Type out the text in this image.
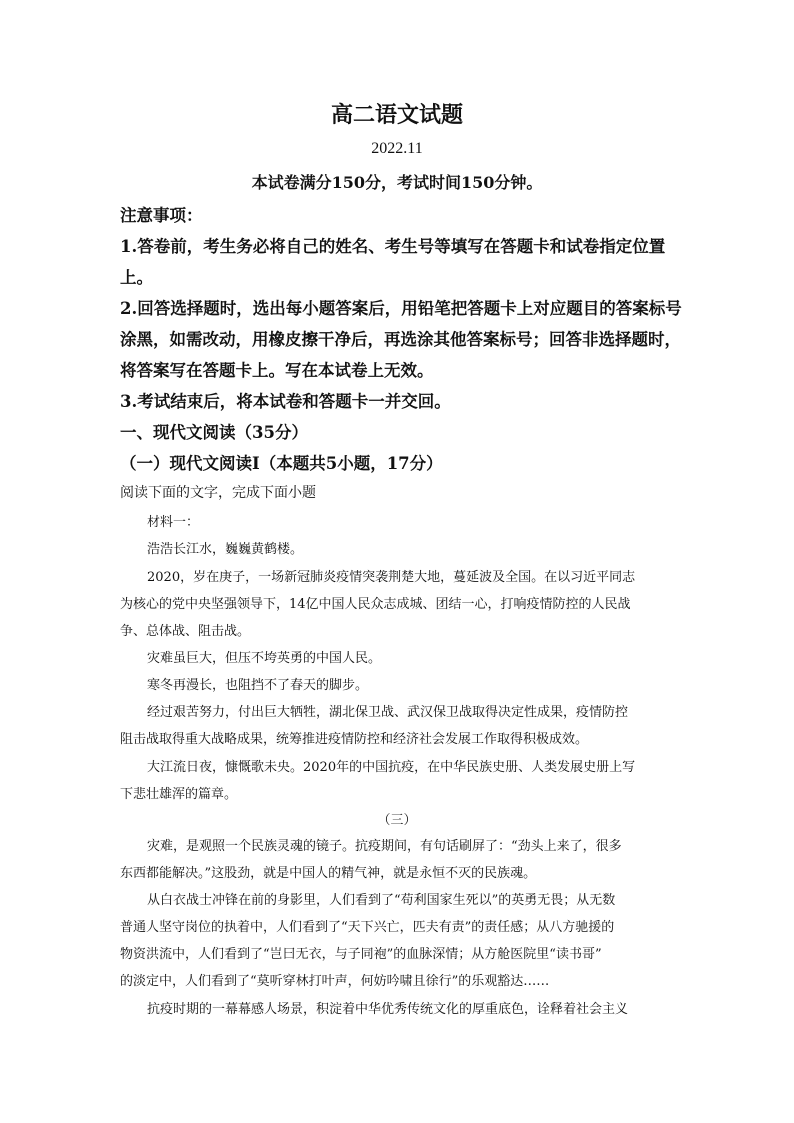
高二语文试题
2022.11
本试卷满分150分，考试时间150分钟。
注意事项：
1.答卷前，考生务必将自己的姓名、考生号等填写在答题卡和试卷指定位置
上。
2.回答选择题时，选出每小题答案后，用铅笔把答题卡上对应题目的答案标号
涂黑，如需改动，用橡皮擦干净后，再选涂其他答案标号；回答非选择题时，
将答案写在答题卡上。写在本试卷上无效。
3.考试结束后，将本试卷和答题卡一并交回。
一、现代文阅读（35分）
（一）现代文阅读Ⅰ（本题共5小题，17分）
阅读下面的文字，完成下面小题
材料一：
浩浩长江水，巍巍黄鹤楼。
2020，岁在庚子，一场新冠肺炎疫情突袭荆楚大地，蔓延波及全国。在以习近平同志
为核心的党中央坚强领导下，14亿中国人民众志成城、团结一心，打响疫情防控的人民战
争、总体战、阻击战。
灾难虽巨大，但压不垮英勇的中国人民。
寒冬再漫长，也阻挡不了春天的脚步。
经过艰苦努力，付出巨大牺牲，湖北保卫战、武汉保卫战取得决定性成果，疫情防控
阻击战取得重大战略成果，统筹推进疫情防控和经济社会发展工作取得积极成效。
大江流日夜，慷慨歌未央。2020年的中国抗疫，在中华民族史册、人类发展史册上写
下悲壮雄浑的篇章。
（三）
灾难，是观照一个民族灵魂的镜子。抗疫期间，有句话刷屏了：“劲头上来了，很多
东西都能解决。”这股劲，就是中国人的精气神，就是永恒不灭的民族魂。
从白衣战士冲锋在前的身影里，人们看到了“苟利国家生死以”的英勇无畏；从无数
普通人坚守岗位的执着中，人们看到了“天下兴亡，匹夫有责”的责任感；从八方驰援的
物资洪流中，人们看到了“岂曰无衣，与子同袍”的血脉深情；从方舱医院里“读书哥”
的淡定中，人们看到了“莫听穿林打叶声，何妨吟啸且徐行”的乐观豁达……
抗疫时期的一幕幕感人场景，积淀着中华优秀传统文化的厚重底色，诠释着社会主义
